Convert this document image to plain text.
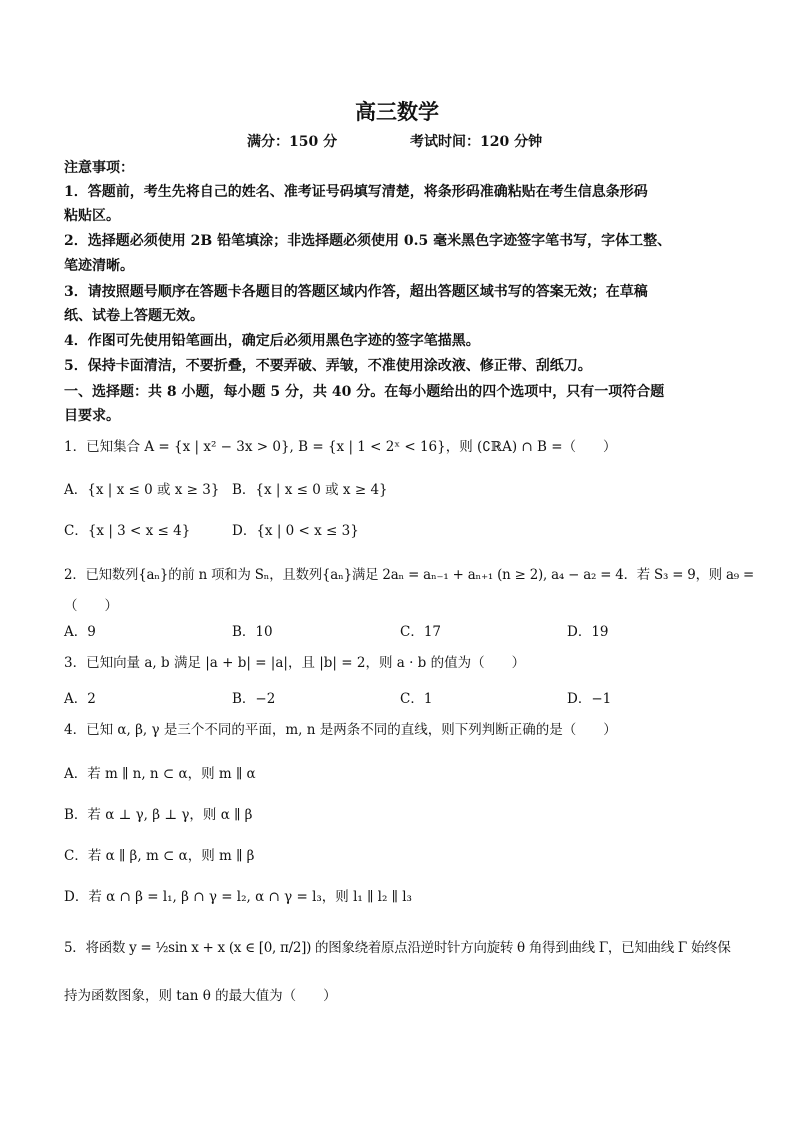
高三数学
满分：150 分	考试时间：120 分钟
注意事项：
1．答题前，考生先将自己的姓名、准考证号码填写清楚，将条形码准确粘贴在考生信息条形码
粘贴区。
2．选择题必须使用 2B 铅笔填涂；非选择题必须使用 0.5 毫米黑色字迹签字笔书写，字体工整、
笔迹清晰。
3．请按照题号顺序在答题卡各题目的答题区域内作答，超出答题区域书写的答案无效；在草稿
纸、试卷上答题无效。
4．作图可先使用铅笔画出，确定后必须用黑色字迹的签字笔描黑。
5．保持卡面清洁，不要折叠，不要弄破、弄皱，不准使用涂改液、修正带、刮纸刀。
一、选择题：共 8 小题，每小题 5 分，共 40 分。在每小题给出的四个选项中，只有一项符合题
目要求。
1．已知集合 A = {x | x² − 3x > 0}, B = {x | 1 < 2ˣ < 16}，则 (∁ℝA) ∩ B =（　　）
A．{x | x ≤ 0 或 x ≥ 3} B．{x | x ≤ 0 或 x ≥ 4}
C．{x | 3 < x ≤ 4}	D．{x | 0 < x ≤ 3}
2．已知数列{aₙ}的前 n 项和为 Sₙ，且数列{aₙ}满足 2aₙ = aₙ₋₁ + aₙ₊₁ (n ≥ 2), a₄ − a₂ = 4．若 S₃ = 9，则 a₉ =
（　　）
A．9	B．10	C．17	D．19
3．已知向量 a, b 满足 |a + b| = |a|，且 |b| = 2，则 a · b 的值为（　　）
A．2	B．−2	C．1	D．−1
4．已知 α, β, γ 是三个不同的平面，m, n 是两条不同的直线，则下列判断正确的是（　　）
A．若 m ∥ n, n ⊂ α，则 m ∥ α
B．若 α ⊥ γ, β ⊥ γ，则 α ∥ β
C．若 α ∥ β, m ⊂ α，则 m ∥ β
D．若 α ∩ β = l₁, β ∩ γ = l₂, α ∩ γ = l₃，则 l₁ ∥ l₂ ∥ l₃
5．将函数 y = ½sin x + x (x ∈ [0, π/2]) 的图象绕着原点沿逆时针方向旋转 θ 角得到曲线 Γ，已知曲线 Γ 始终保
持为函数图象，则 tan θ 的最大值为（　　）
